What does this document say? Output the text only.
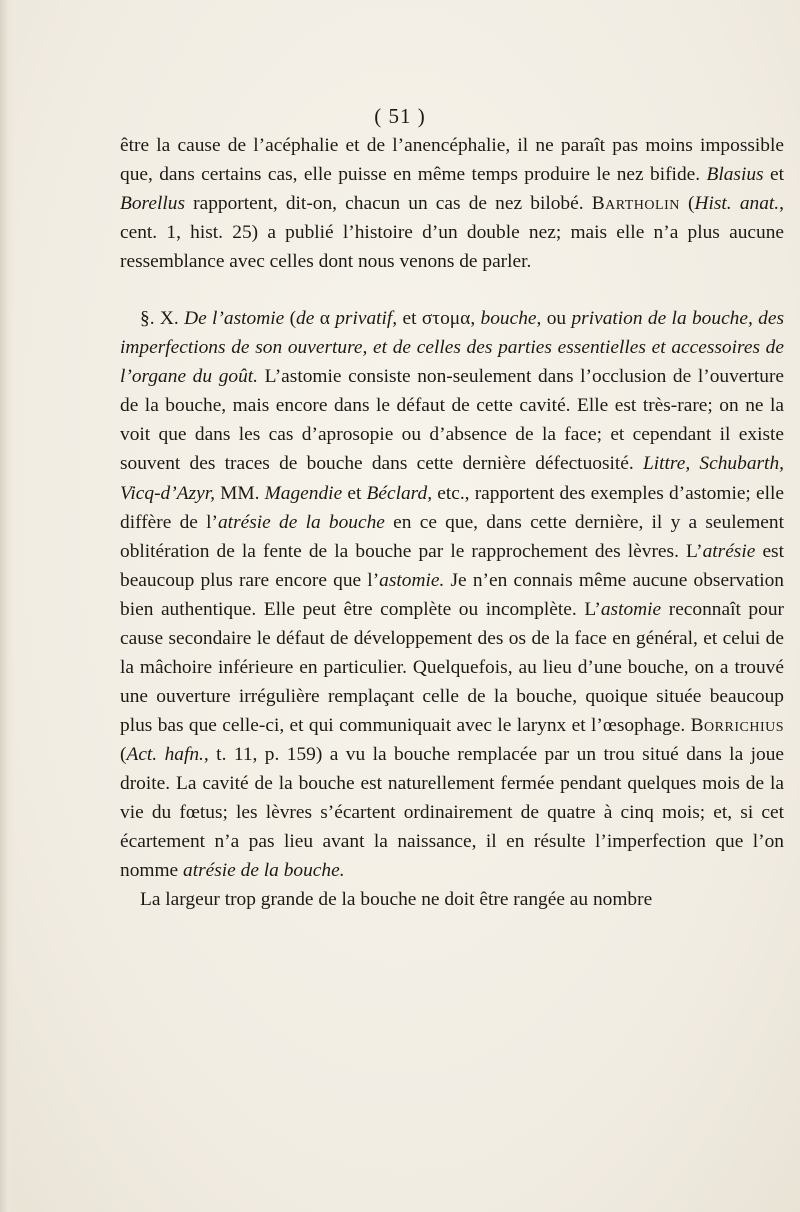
( 51 )

être la cause de l’acéphalie et de l’anencéphalie, il ne paraît pas moins impossible que, dans certains cas, elle puisse en même temps produire le nez bifide. Blasius et Borellus rapportent, dit-on, chacun un cas de nez bilobé. Bartholin (Hist. anat., cent. 1, hist. 25) a publié l’histoire d’un double nez; mais elle n’a plus aucune ressemblance avec celles dont nous venons de parler.

§. X. De l’astomie (de α privatif, et στομα, bouche, ou privation de la bouche, des imperfections de son ouverture, et de celles des parties essentielles et accessoires de l’organe du goût. L’astomie consiste non-seulement dans l’occlusion de l’ouverture de la bouche, mais encore dans le défaut de cette cavité. Elle est très-rare; on ne la voit que dans les cas d’aprosopie ou d’absence de la face; et cependant il existe souvent des traces de bouche dans cette dernière défectuosité. Littre, Schubarth, Vicq-d’Azyr, MM. Magendie et Béclard, etc., rapportent des exemples d’astomie; elle diffère de l’atrésie de la bouche en ce que, dans cette dernière, il y a seulement oblitération de la fente de la bouche par le rapprochement des lèvres. L’atrésie est beaucoup plus rare encore que l’astomie. Je n’en connais même aucune observation bien authentique. Elle peut être complète ou incomplète. L’astomie reconnaît pour cause secondaire le défaut de développement des os de la face en général, et celui de la mâchoire inférieure en particulier. Quelquefois, au lieu d’une bouche, on a trouvé une ouverture irrégulière remplaçant celle de la bouche, quoique située beaucoup plus bas que celle-ci, et qui communiquait avec le larynx et l’œsophage. Borrichius (Act. hafn., t. 11, p. 159) a vu la bouche remplacée par un trou situé dans la joue droite. La cavité de la bouche est naturellement fermée pendant quelques mois de la vie du fœtus; les lèvres s’écartent ordinairement de quatre à cinq mois; et, si cet écartement n’a pas lieu avant la naissance, il en résulte l’imperfection que l’on nomme atrésie de la bouche.

La largeur trop grande de la bouche ne doit être rangée au nombre
